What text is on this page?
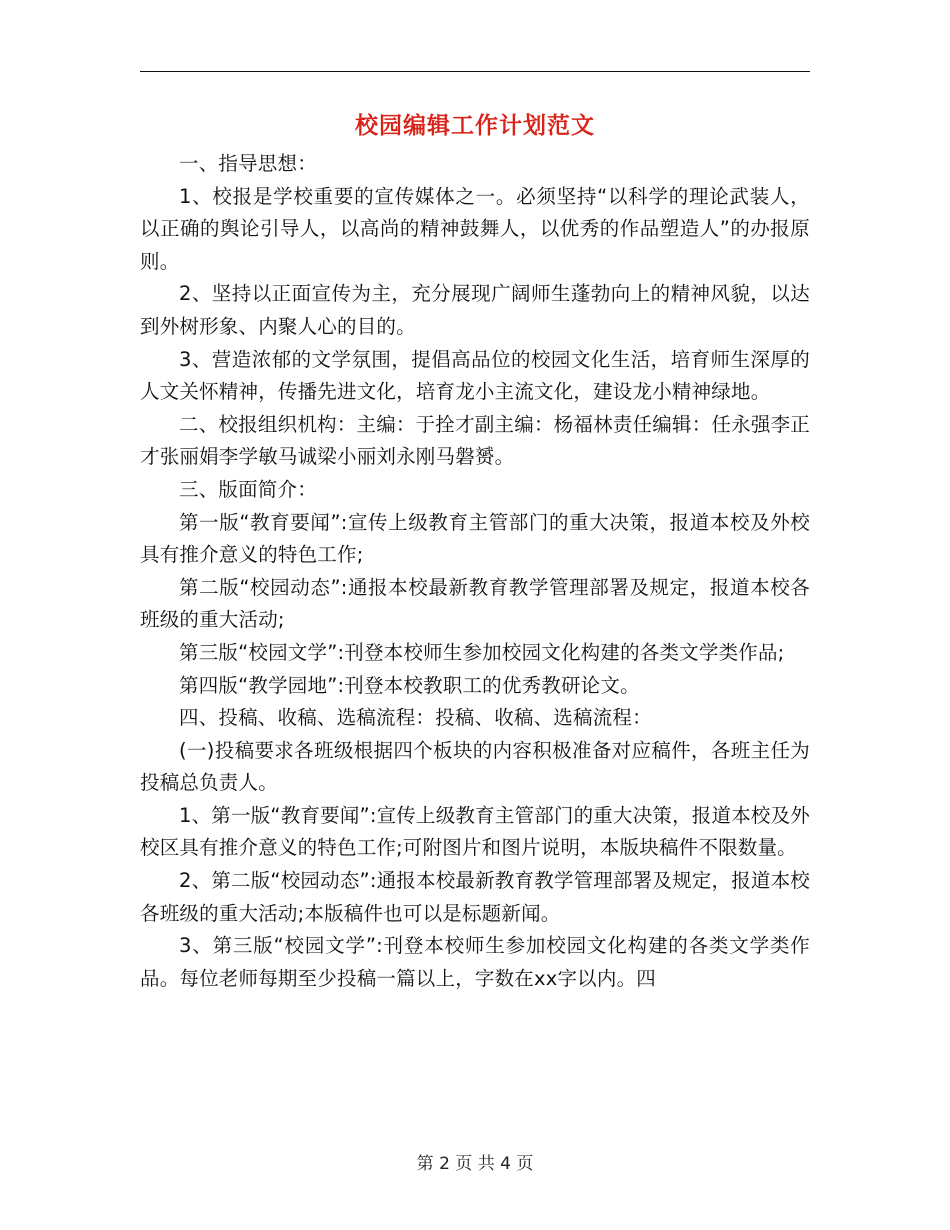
校园编辑工作计划范文

一、指导思想：

1、校报是学校重要的宣传媒体之一。必须坚持“以科学的理论武装人，以正确的舆论引导人，以高尚的精神鼓舞人，以优秀的作品塑造人”的办报原则。

2、坚持以正面宣传为主，充分展现广阔师生蓬勃向上的精神风貌，以达到外树形象、内聚人心的目的。

3、营造浓郁的文学氛围，提倡高品位的校园文化生活，培育师生深厚的人文关怀精神，传播先进文化，培育龙小主流文化，建设龙小精神绿地。

二、校报组织机构：主编：于拴才副主编：杨福林责任编辑：任永强李正才张丽娟李学敏马诚梁小丽刘永刚马磐赟。

三、版面简介：

第一版“教育要闻”:宣传上级教育主管部门的重大决策，报道本校及外校具有推介意义的特色工作;

第二版“校园动态”:通报本校最新教育教学管理部署及规定，报道本校各班级的重大活动;

第三版“校园文学”:刊登本校师生参加校园文化构建的各类文学类作品;

第四版“教学园地”:刊登本校教职工的优秀教研论文。

四、投稿、收稿、选稿流程：投稿、收稿、选稿流程：

(一)投稿要求各班级根据四个板块的内容积极准备对应稿件，各班主任为投稿总负责人。

1、第一版“教育要闻”:宣传上级教育主管部门的重大决策，报道本校及外校区具有推介意义的特色工作;可附图片和图片说明，本版块稿件不限数量。

2、第二版“校园动态”:通报本校最新教育教学管理部署及规定，报道本校各班级的重大活动;本版稿件也可以是标题新闻。

3、第三版“校园文学”:刊登本校师生参加校园文化构建的各类文学类作品。每位老师每期至少投稿一篇以上，字数在xx字以内。四

第 2 页 共 4 页
